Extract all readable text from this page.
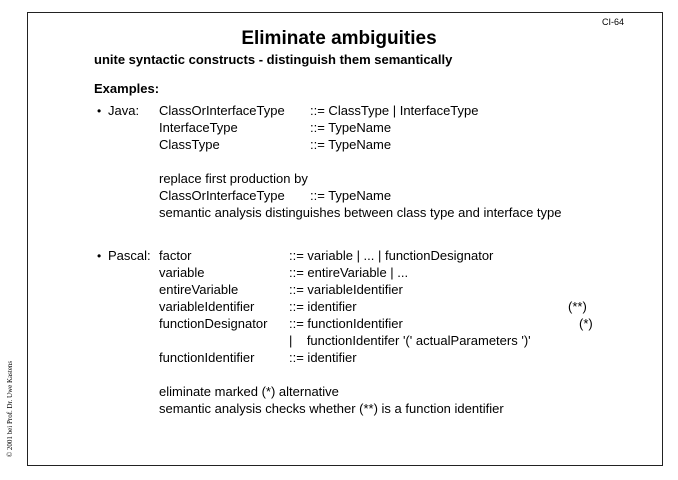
CI-64
Eliminate ambiguities
unite syntactic constructs - distinguish them semantically
Examples:
• Java: ClassOrInterfaceType ::= ClassType | InterfaceType
InterfaceType	::= TypeName
ClassType	::= TypeName
replace first production by
ClassOrInterfaceType ::= TypeName
semantic analysis distinguishes between class type and interface type
• Pascal: factor	::= variable | ... | functionDesignator
variable	::= entireVariable | ...
entireVariable	::= variableIdentifier
variableIdentifier	::= identifier	(**)
functionDesignator ::= functionIdentifier	(*)
|    functionIdentifer '(' actualParameters ')'
functionIdentifier	::= identifier
eliminate marked (*) alternative
semantic analysis checks whether (**) is a function identifier
© 2001 bei Prof. Dr. Uwe Kastens
